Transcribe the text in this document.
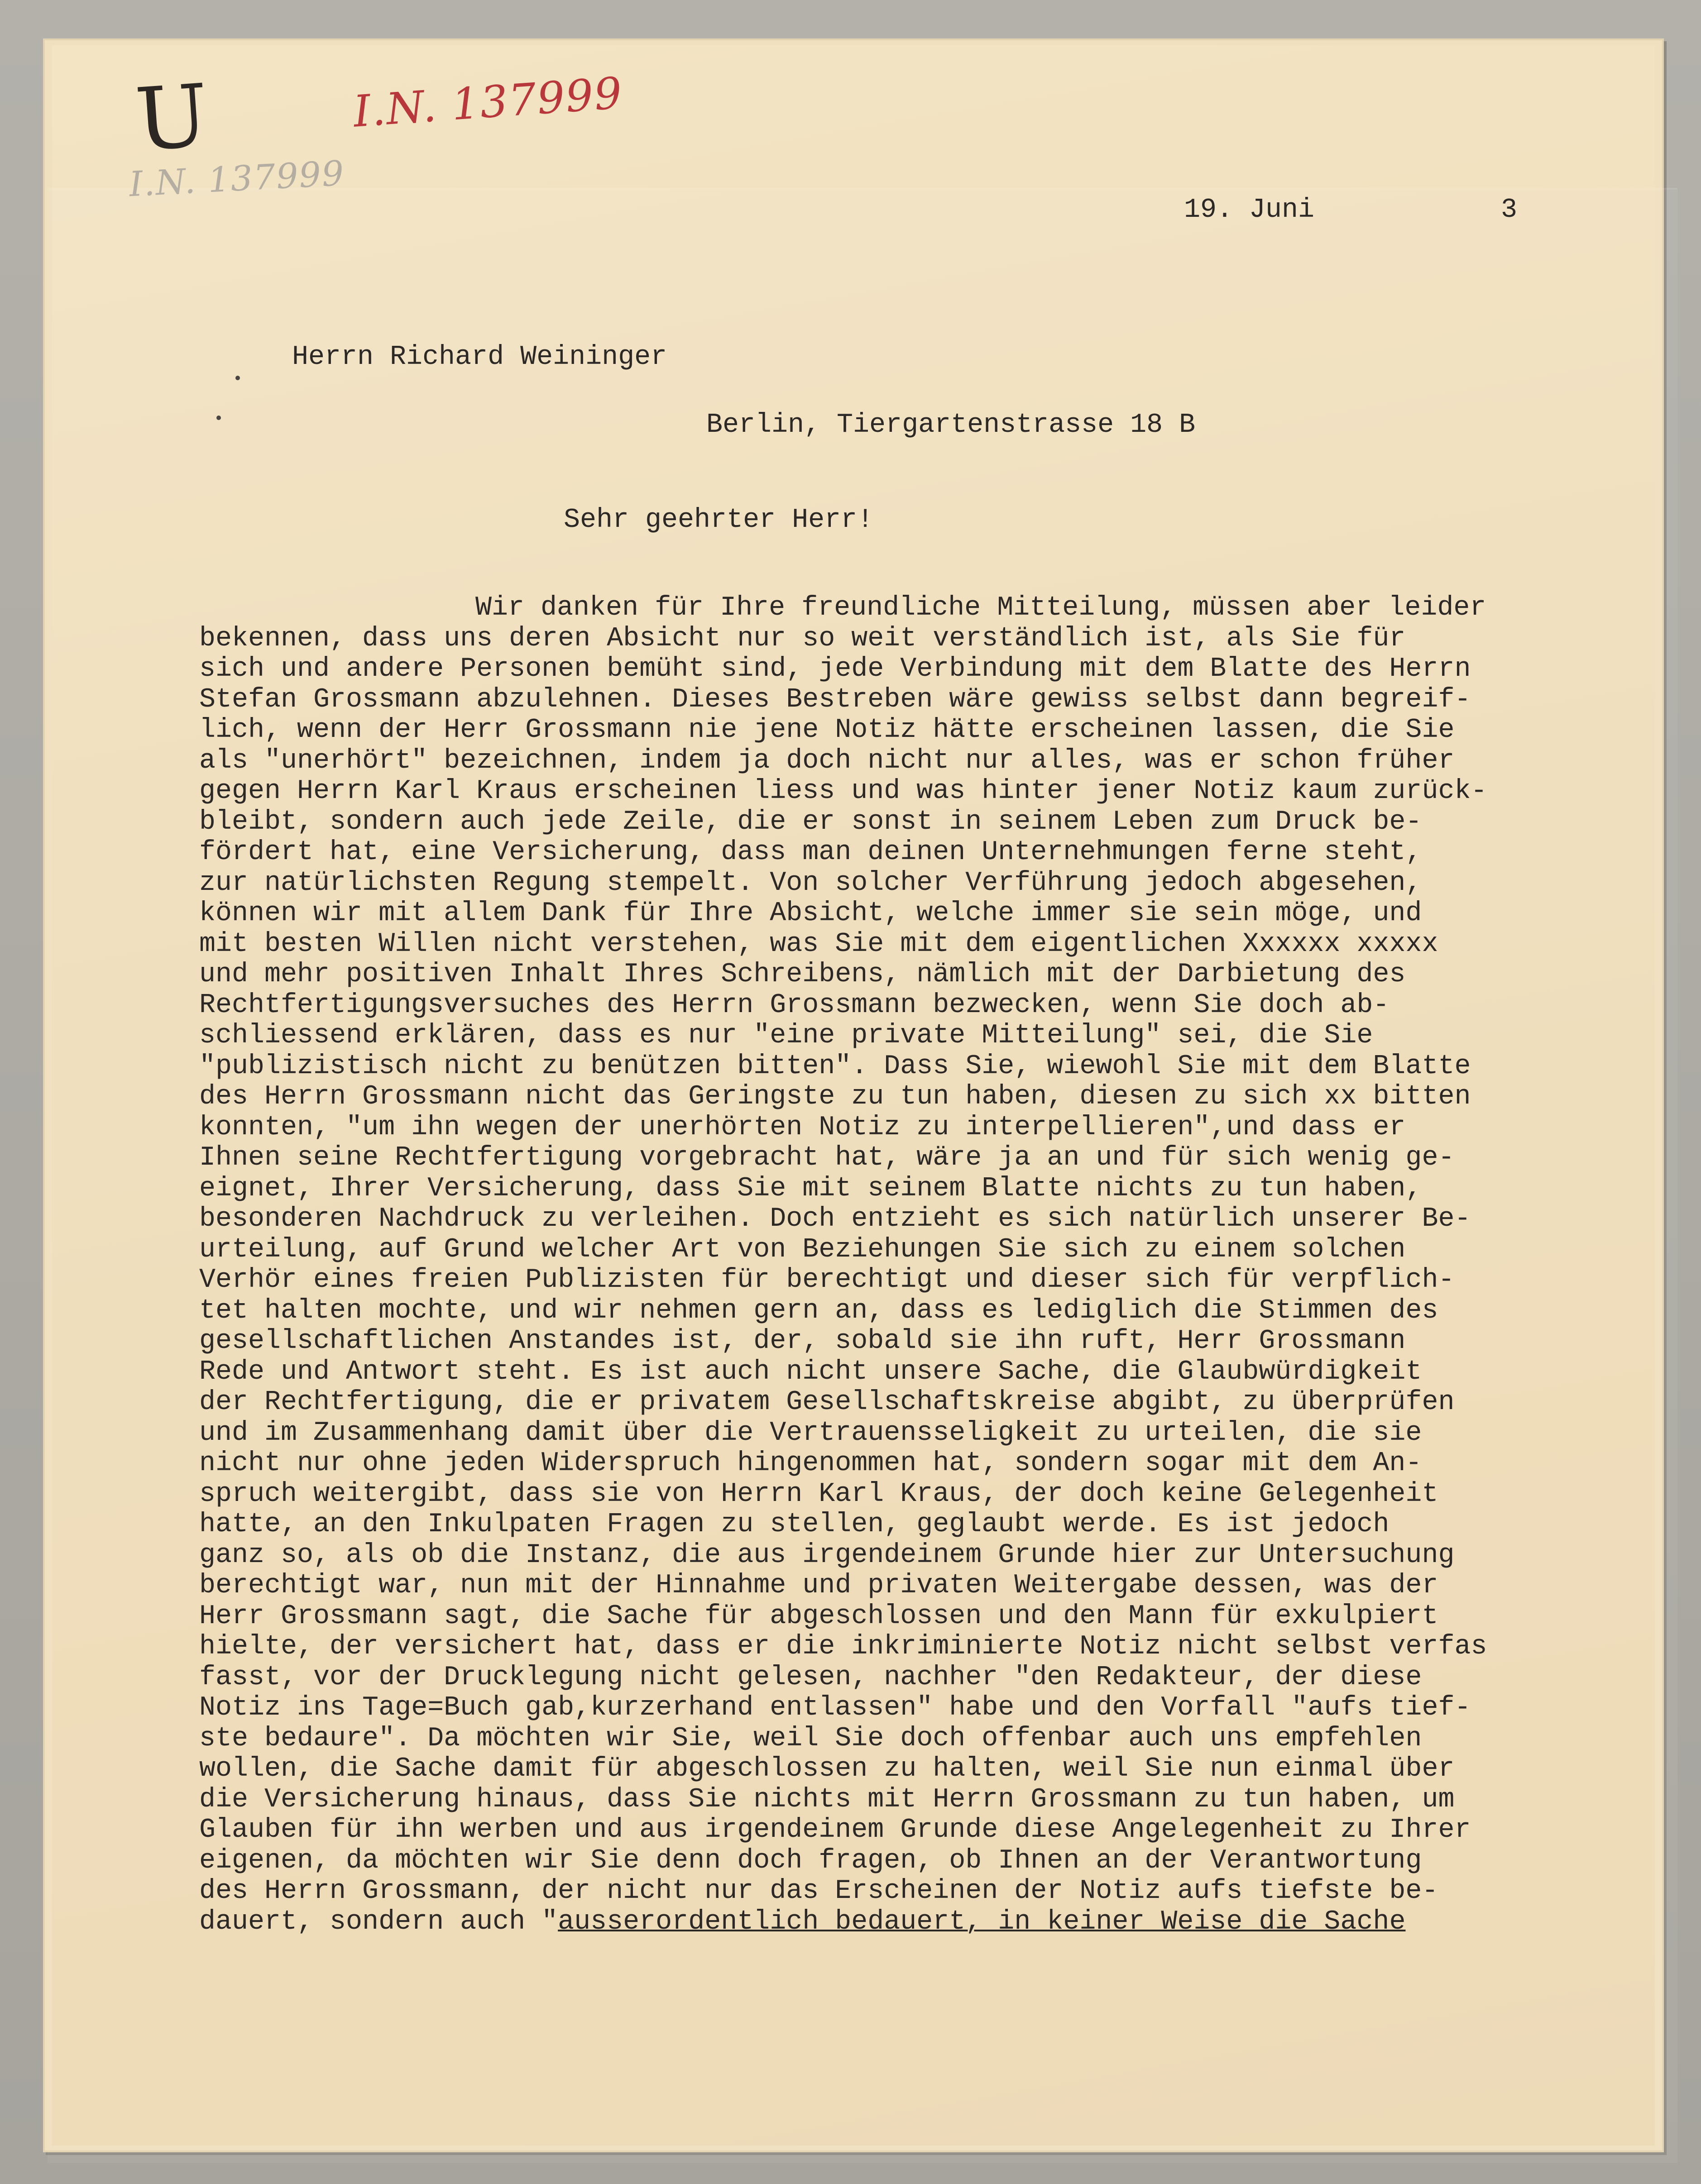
U	I.N. 137999
I.N. 137999
19. Juni	3
Herrn Richard Weininger
Berlin, Tiergartenstrasse 18 B
Sehr geehrter Herr!
Wir danken für Ihre freundliche Mitteilung, müssen aber leider
bekennen, dass uns deren Absicht nur so weit verständlich ist, als Sie für
sich und andere Personen bemüht sind, jede Verbindung mit dem Blatte des Herrn
Stefan Grossmann abzulehnen. Dieses Bestreben wäre gewiss selbst dann begreif-
lich, wenn der Herr Grossmann nie jene Notiz hätte erscheinen lassen, die Sie
als "unerhört" bezeichnen, indem ja doch nicht nur alles, was er schon früher
gegen Herrn Karl Kraus erscheinen liess und was hinter jener Notiz kaum zurück-
bleibt, sondern auch jede Zeile, die er sonst in seinem Leben zum Druck be-
fördert hat, eine Versicherung, dass man deinen Unternehmungen ferne steht,
zur natürlichsten Regung stempelt. Von solcher Verführung jedoch abgesehen,
können wir mit allem Dank für Ihre Absicht, welche immer sie sein möge, und
mit besten Willen nicht verstehen, was Sie mit dem eigentlichen Xxxxxx xxxxx
und mehr positiven Inhalt Ihres Schreibens, nämlich mit der Darbietung des
Rechtfertigungsversuches des Herrn Grossmann bezwecken, wenn Sie doch ab-
schliessend erklären, dass es nur "eine private Mitteilung" sei, die Sie
"publizistisch nicht zu benützen bitten". Dass Sie, wiewohl Sie mit dem Blatte
des Herrn Grossmann nicht das Geringste zu tun haben, diesen zu sich xx bitten
konnten, "um ihn wegen der unerhörten Notiz zu interpellieren",und dass er
Ihnen seine Rechtfertigung vorgebracht hat, wäre ja an und für sich wenig ge-
eignet, Ihrer Versicherung, dass Sie mit seinem Blatte nichts zu tun haben,
besonderen Nachdruck zu verleihen. Doch entzieht es sich natürlich unserer Be-
urteilung, auf Grund welcher Art von Beziehungen Sie sich zu einem solchen
Verhör eines freien Publizisten für berechtigt und dieser sich für verpflich-
tet halten mochte, und wir nehmen gern an, dass es lediglich die Stimmen des
gesellschaftlichen Anstandes ist, der, sobald sie ihn ruft, Herr Grossmann
Rede und Antwort steht. Es ist auch nicht unsere Sache, die Glaubwürdigkeit
der Rechtfertigung, die er privatem Gesellschaftskreise abgibt, zu überprüfen
und im Zusammenhang damit über die Vertrauensseligkeit zu urteilen, die sie
nicht nur ohne jeden Widerspruch hingenommen hat, sondern sogar mit dem An-
spruch weitergibt, dass sie von Herrn Karl Kraus, der doch keine Gelegenheit
hatte, an den Inkulpaten Fragen zu stellen, geglaubt werde. Es ist jedoch
ganz so, als ob die Instanz, die aus irgendeinem Grunde hier zur Untersuchung
berechtigt war, nun mit der Hinnahme und privaten Weitergabe dessen, was der
Herr Grossmann sagt, die Sache für abgeschlossen und den Mann für exkulpiert
hielte, der versichert hat, dass er die inkriminierte Notiz nicht selbst verfas
fasst, vor der Drucklegung nicht gelesen, nachher "den Redakteur, der diese
Notiz ins Tage=Buch gab,kurzerhand entlassen" habe und den Vorfall "aufs tief-
ste bedaure". Da möchten wir Sie, weil Sie doch offenbar auch uns empfehlen
wollen, die Sache damit für abgeschlossen zu halten, weil Sie nun einmal über
die Versicherung hinaus, dass Sie nichts mit Herrn Grossmann zu tun haben, um
Glauben für ihn werben und aus irgendeinem Grunde diese Angelegenheit zu Ihrer
eigenen, da möchten wir Sie denn doch fragen, ob Ihnen an der Verantwortung
des Herrn Grossmann, der nicht nur das Erscheinen der Notiz aufs tiefste be-
dauert, sondern auch "ausserordentlich bedauert, in keiner Weise die Sache
